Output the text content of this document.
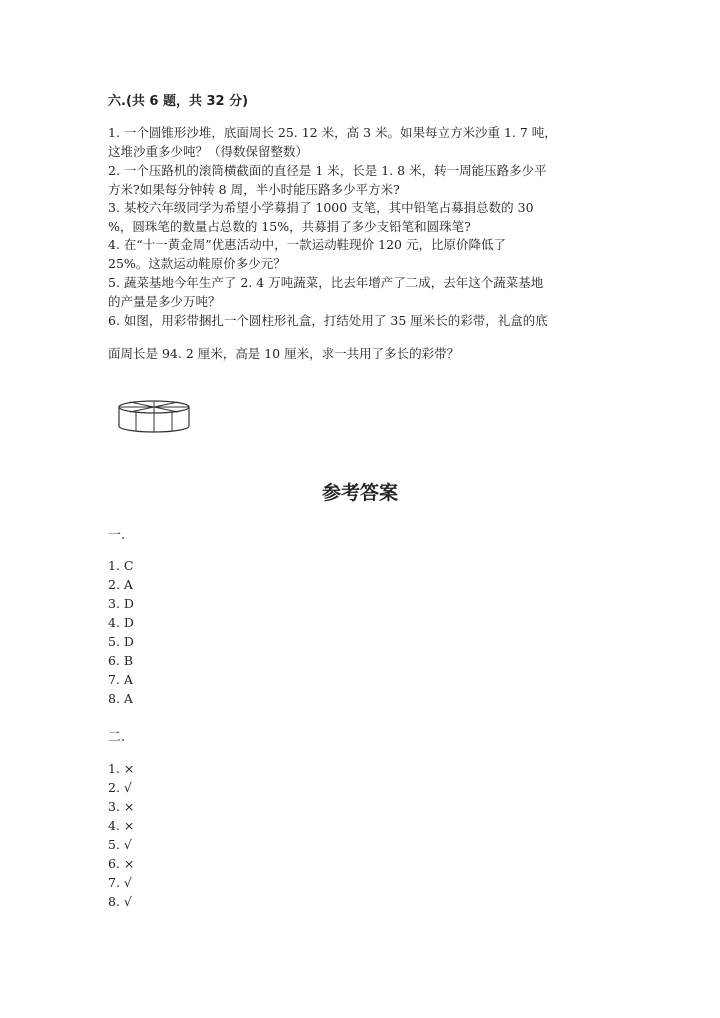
六.(共 6 题，共 32 分)

1. 一个圆锥形沙堆，底面周长 25. 12 米，高 3 米。如果每立方米沙重 1. 7 吨，

这堆沙重多少吨？（得数保留整数）

2. 一个压路机的滚筒横截面的直径是 1 米，长是 1. 8 米，转一周能压路多少平

方米?如果每分钟转 8 周，半小时能压路多少平方米?

3. 某校六年级同学为希望小学募捐了 1000 支笔，其中铅笔占募捐总数的 30

%，圆珠笔的数量占总数的 15%，共募捐了多少支铅笔和圆珠笔?

4. 在“十一黄金周”优惠活动中，一款运动鞋现价 120 元，比原价降低了

25%。这款运动鞋原价多少元？

5. 蔬菜基地今年生产了 2. 4 万吨蔬菜，比去年增产了二成，去年这个蔬菜基地

的产量是多少万吨？

6. 如图，用彩带捆扎一个圆柱形礼盒，打结处用了 35 厘米长的彩带，礼盒的底

面周长是 94. 2 厘米，高是 10 厘米，求一共用了多长的彩带？
参考答案
一.
1. C
2. A
3. D
4. D
5. D
6. B
7. A
8. A
二.
1. ×
2. √
3. ×
4. ×
5. √
6. ×
7. √
8. √
